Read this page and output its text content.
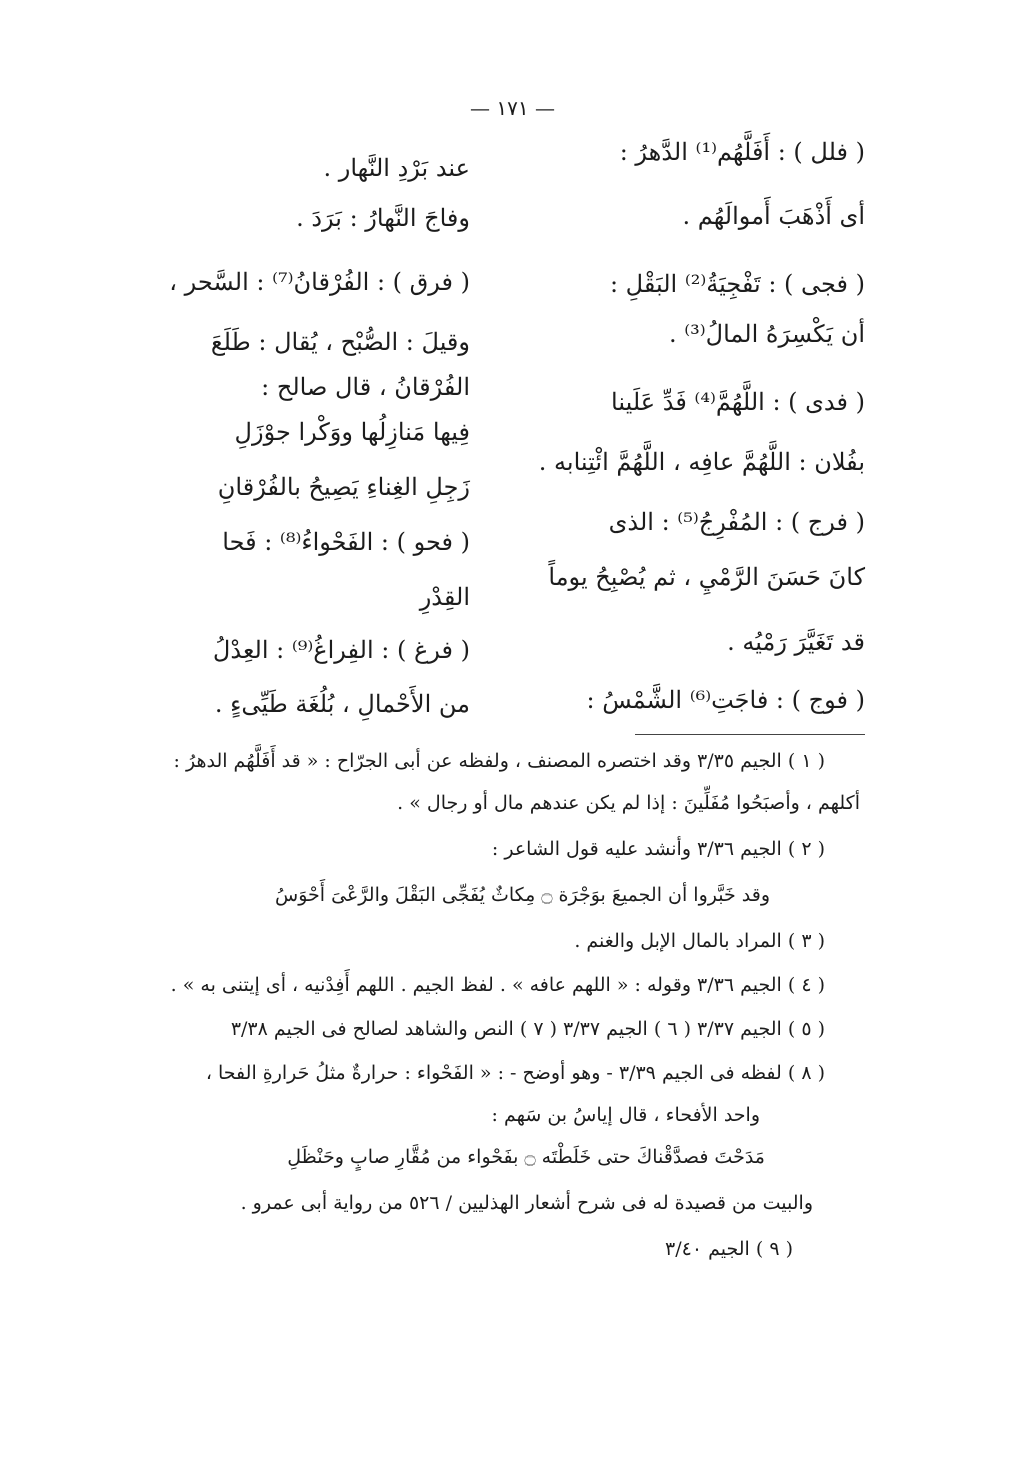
— ١٧١ —
( فلل ) : أَفَلَّهُم⁽¹⁾ الدَّهرُ :
أى أَذْهَبَ أَموالَهُم .
( فجى ) : تَفْجِيَةُ⁽²⁾ البَقْلِ :
أن يَكْسِرَهُ المالُ⁽³⁾ .
( فدى ) : اللَّهُمَّ⁽⁴⁾ فَدِّ عَلَينا
بفُلان : اللَّهُمَّ عافِه ، اللَّهُمَّ ائْتِنابه .
( فرج ) : المُفْرِجُ⁽⁵⁾ : الذى
كانَ حَسَنَ الرَّمْيِ ، ثم يُصْبِحُ يوماً
قد تَغَيَّرَ رَمْيُه .
( فوج ) : فاجَتِ⁽⁶⁾ الشَّمْسُ :
عند بَرْدِ النَّهار .
وفاجَ النَّهارُ : بَرَدَ .
( فرق ) : الفُرْقانُ⁽⁷⁾ : السَّحر ،
وقيلَ : الصُّبْح ، يُقال : طَلَعَ
الفُرْقانُ ، قال صالح :
فِيها مَنازِلُها ووَكْرا جوْزَلِ
زَجِلِ الغِناءِ يَصِيحُ بالفُرْقانِ
( فحو ) : الفَحْواءُ⁽⁸⁾ : فَحا
القِدْرِ
( فرغ ) : الفِراغُ⁽⁹⁾ : العِدْلُ
من الأَحْمالِ ، بُلُغَة طَيِّىءٍ .
( ١ ) الجيم ٣/٣٥ وقد اختصره المصنف ، ولفظه عن أبى الجرّاح : « قد أَفَلَّهُم الدهرُ :
أكلهم ، وأصبَحُوا مُفَلِّينَ : إذا لم يكن عندهم مال أو رجال » .
( ٢ ) الجيم ٣/٣٦ وأنشد عليه قول الشاعر :
وقد خَبَّروا أن الجميعَ بوَجْرَة ۝ مِكاثٌ يُفَجِّى البَقْلَ والرَّعْىَ أَحْوَسُ
( ٣ ) المراد بالمال الإبل والغنم .
( ٤ ) الجيم ٣/٣٦ وقوله : « اللهم عافه » . لفظ الجيم . اللهم أَفِدْنيه ، أى إيتنى به » .
( ٥ ) الجيم ٣/٣٧ ( ٦ ) الجيم ٣/٣٧ ( ٧ ) النص والشاهد لصالح فى الجيم ٣/٣٨
( ٨ ) لفظه فى الجيم ٣/٣٩ - وهو أوضح - : « الفَحْواء : حرارةٌ مثلُ حَرارةِ الفحا ،
واحد الأفحاء ، قال إياسُ بن سَهم :
مَدَحْتَ فصدَّقْناكَ حتى خَلَطْتَه ۝ بفَحْواء من مُقَّارِ صابٍ وحَنْظَلِ
والبيت من قصيدة له فى شرح أشعار الهذليين / ٥٢٦ من رواية أبى عمرو .
( ٩ ) الجيم ٣/٤٠
